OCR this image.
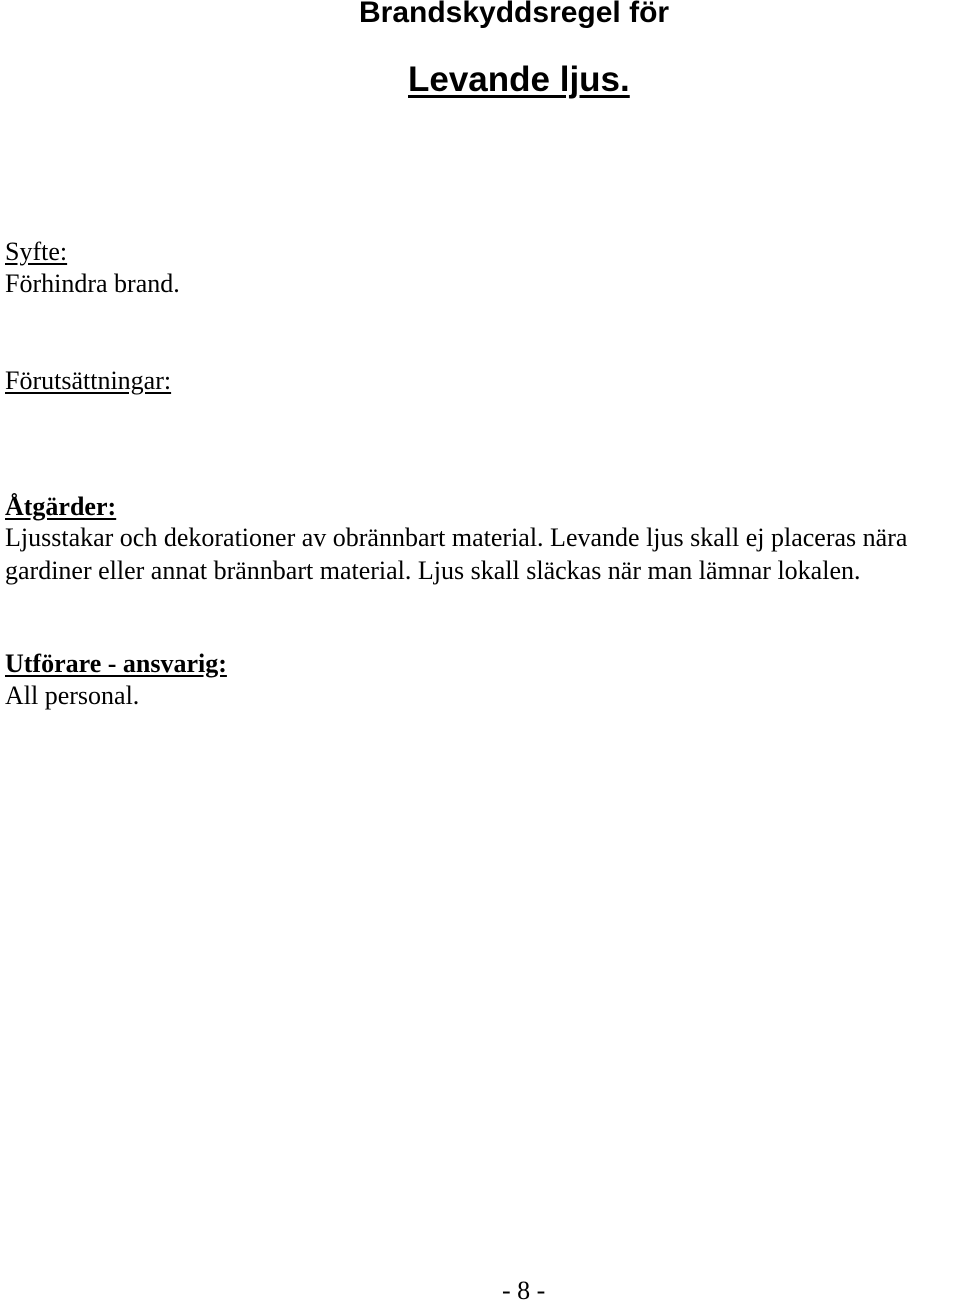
Brandskyddsregel för
Levande ljus.
Syfte:
Förhindra brand.
Förutsättningar:
Åtgärder:
Ljusstakar och dekorationer av obrännbart material. Levande ljus skall ej placeras nära
gardiner eller annat brännbart material. Ljus skall släckas när man lämnar lokalen.
Utförare - ansvarig:
All personal.
- 8 -
